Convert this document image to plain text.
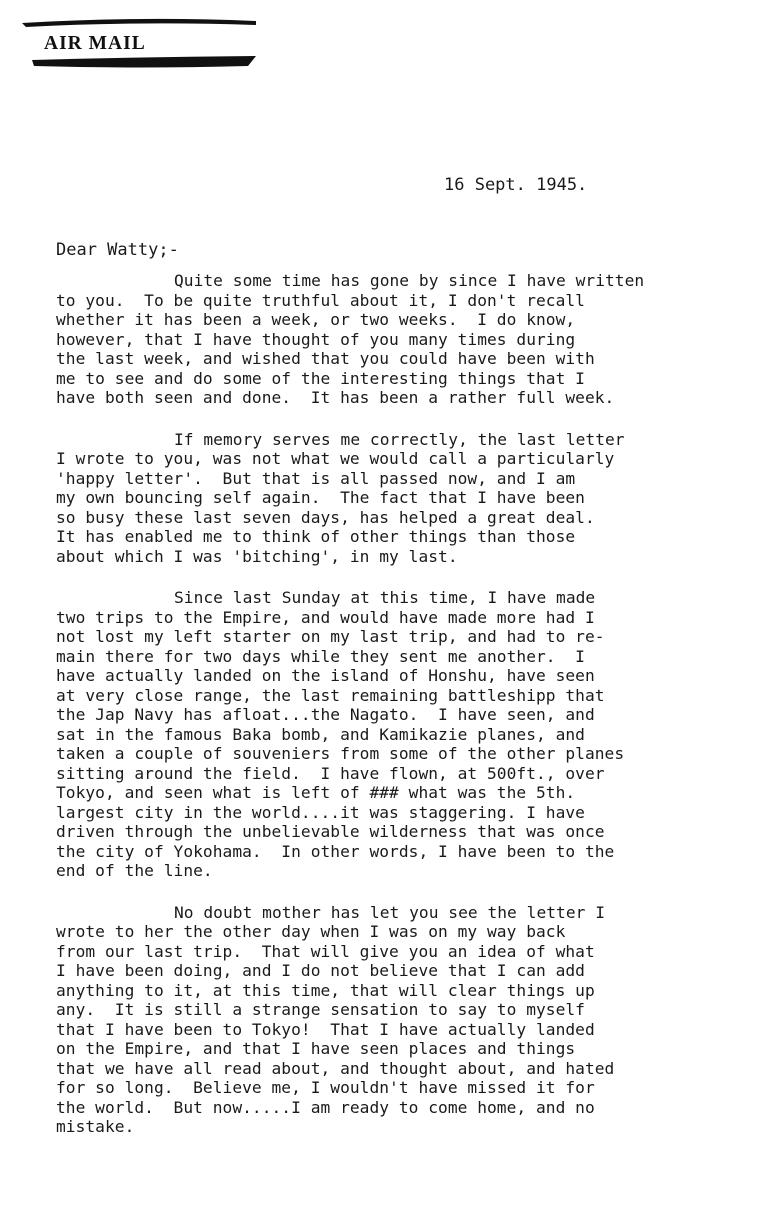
AIR MAIL
16 Sept. 1945.
Dear Watty;-
Quite some time has gone by since I have written
to you.  To be quite truthful about it, I don't recall
whether it has been a week, or two weeks.  I do know,
however, that I have thought of you many times during
the last week, and wished that you could have been with
me to see and do some of the interesting things that I
have both seen and done.  It has been a rather full week.
If memory serves me correctly, the last letter
I wrote to you, was not what we would call a particularly
'happy letter'.  But that is all passed now, and I am
my own bouncing self again.  The fact that I have been
so busy these last seven days, has helped a great deal.
It has enabled me to think of other things than those
about which I was 'bitching', in my last.
Since last Sunday at this time, I have made
two trips to the Empire, and would have made more had I
not lost my left starter on my last trip, and had to re-
main there for two days while they sent me another.  I
have actually landed on the island of Honshu, have seen
at very close range, the last remaining battleshipp that
the Jap Navy has afloat...the Nagato.  I have seen, and
sat in the famous Baka bomb, and Kamikazie planes, and
taken a couple of souveniers from some of the other planes
sitting around the field.  I have flown, at 500ft., over
Tokyo, and seen what is left of ### what was the 5th.
largest city in the world....it was staggering. I have
driven through the unbelievable wilderness that was once
the city of Yokohama.  In other words, I have been to the
end of the line.
No doubt mother has let you see the letter I
wrote to her the other day when I was on my way back
from our last trip.  That will give you an idea of what
I have been doing, and I do not believe that I can add
anything to it, at this time, that will clear things up
any.  It is still a strange sensation to say to myself
that I have been to Tokyo!  That I have actually landed
on the Empire, and that I have seen places and things
that we have all read about, and thought about, and hated
for so long.  Believe me, I wouldn't have missed it for
the world.  But now.....I am ready to come home, and no
mistake.
